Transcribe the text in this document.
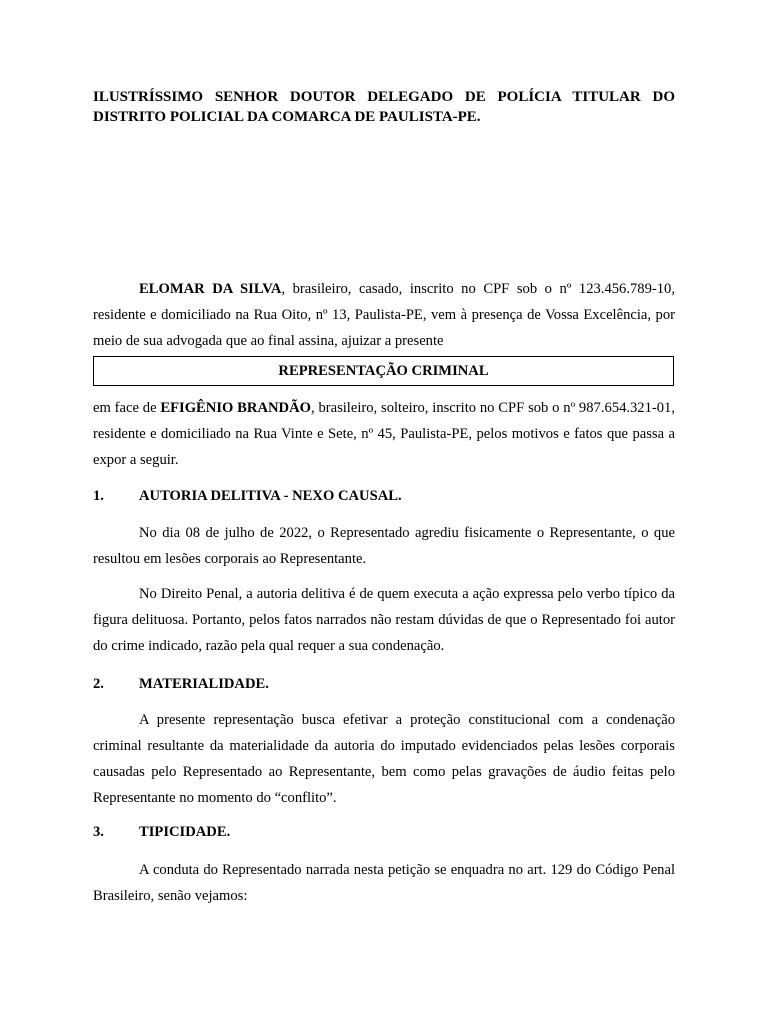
ILUSTRÍSSIMO SENHOR DOUTOR DELEGADO DE POLÍCIA TITULAR DO DISTRITO POLICIAL DA COMARCA DE PAULISTA-PE.

ELOMAR DA SILVA, brasileiro, casado, inscrito no CPF sob o nº 123.456.789-10, residente e domiciliado na Rua Oito, nº 13, Paulista-PE, vem à presença de Vossa Excelência, por meio de sua advogada que ao final assina, ajuizar a presente

REPRESENTAÇÃO CRIMINAL

em face de EFIGÊNIO BRANDÃO, brasileiro, solteiro, inscrito no CPF sob o nº 987.654.321-01, residente e domiciliado na Rua Vinte e Sete, nº 45, Paulista-PE, pelos motivos e fatos que passa a expor a seguir.

1. AUTORIA DELITIVA - NEXO CAUSAL.

No dia 08 de julho de 2022, o Representado agrediu fisicamente o Representante, o que resultou em lesões corporais ao Representante.

No Direito Penal, a autoria delitiva é de quem executa a ação expressa pelo verbo típico da figura delituosa. Portanto, pelos fatos narrados não restam dúvidas de que o Representado foi autor do crime indicado, razão pela qual requer a sua condenação.

2. MATERIALIDADE.

A presente representação busca efetivar a proteção constitucional com a condenação criminal resultante da materialidade da autoria do imputado evidenciados pelas lesões corporais causadas pelo Representado ao Representante, bem como pelas gravações de áudio feitas pelo Representante no momento do “conflito”.

3. TIPICIDADE.

A conduta do Representado narrada nesta petição se enquadra no art. 129 do Código Penal Brasileiro, senão vejamos:
